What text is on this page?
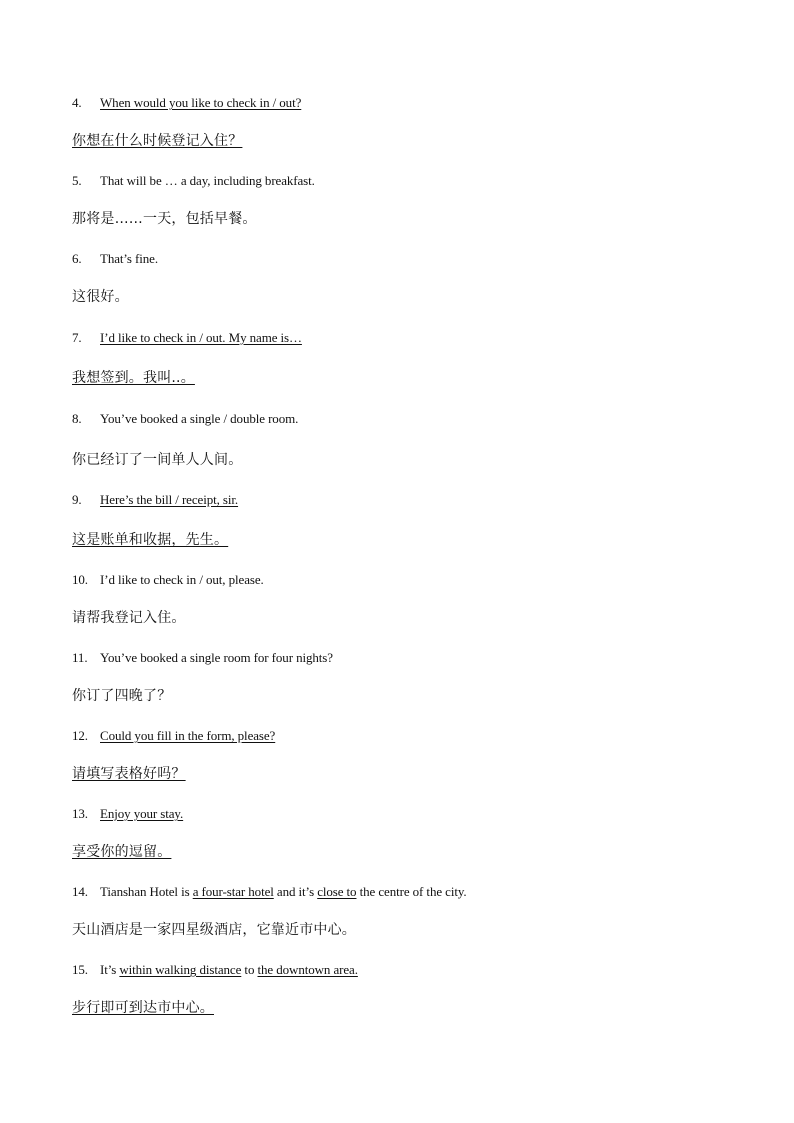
4. When would you like to check in / out?
你想在什么时候登记入住？
5. That will be … a day, including breakfast.
那将是……一天，包括早餐。
6. That’s fine.
这很好。
7. I’d like to check in / out. My name is…
我想签到。我叫..。
8. You’ve booked a single / double room.
你已经订了一间单人人间。
9. Here’s the bill / receipt, sir.
这是账单和收据，先生。
10. I’d like to check in / out, please.
请帮我登记入住。
11. You’ve booked a single room for four nights?
你订了四晚了？
12. Could you fill in the form, please?
请填写表格好吗？
13. Enjoy your stay.
享受你的逗留。
14. Tianshan Hotel is a four-star hotel and it’s close to the centre of the city.
天山酒店是一家四星级酒店，它靠近市中心。
15. It’s within walking distance to the downtown area.
步行即可到达市中心。
